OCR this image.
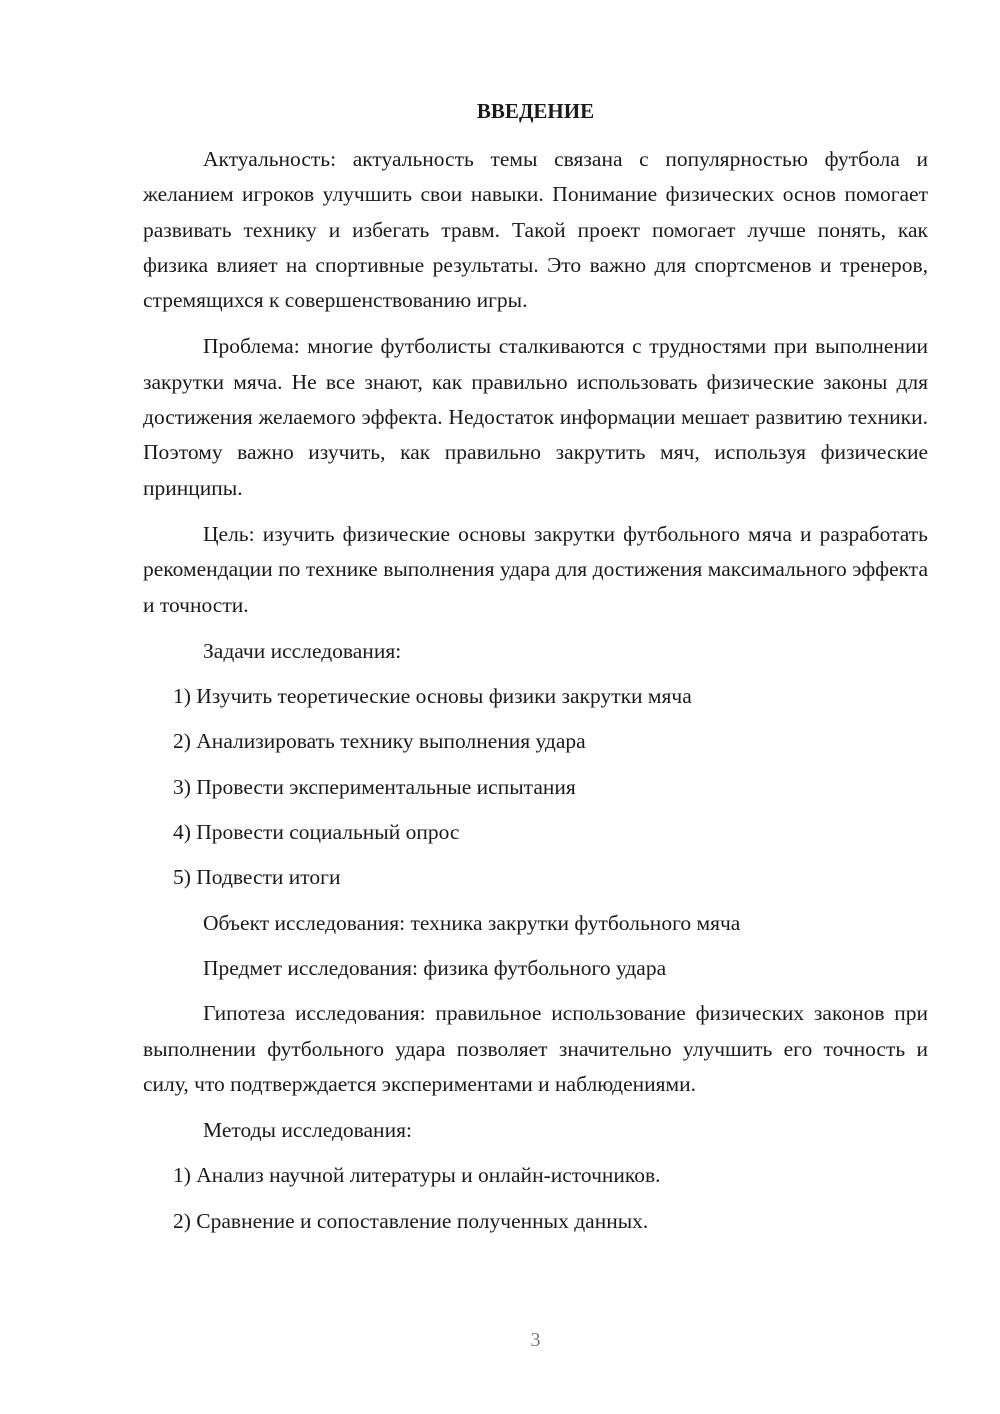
ВВЕДЕНИЕ

Актуальность: актуальность темы связана с популярностью футбола и желанием игроков улучшить свои навыки. Понимание физических основ помогает развивать технику и избегать травм. Такой проект помогает лучше понять, как физика влияет на спортивные результаты. Это важно для спортсменов и тренеров, стремящихся к совершенствованию игры.

Проблема: многие футболисты сталкиваются с трудностями при выполнении закрутки мяча. Не все знают, как правильно использовать физические законы для достижения желаемого эффекта. Недостаток информации мешает развитию техники. Поэтому важно изучить, как правильно закрутить мяч, используя физические принципы.

Цель: изучить физические основы закрутки футбольного мяча и разработать рекомендации по технике выполнения удара для достижения максимального эффекта и точности.

Задачи исследования:

1) Изучить теоретические основы физики закрутки мяча

2) Анализировать технику выполнения удара

3) Провести экспериментальные испытания

4) Провести социальный опрос

5) Подвести итоги

Объект исследования: техника закрутки футбольного мяча

Предмет исследования: физика футбольного удара

Гипотеза исследования: правильное использование физических законов при выполнении футбольного удара позволяет значительно улучшить его точность и силу, что подтверждается экспериментами и наблюдениями.

Методы исследования:

1) Анализ научной литературы и онлайн-источников.

2) Сравнение и сопоставление полученных данных.

3
